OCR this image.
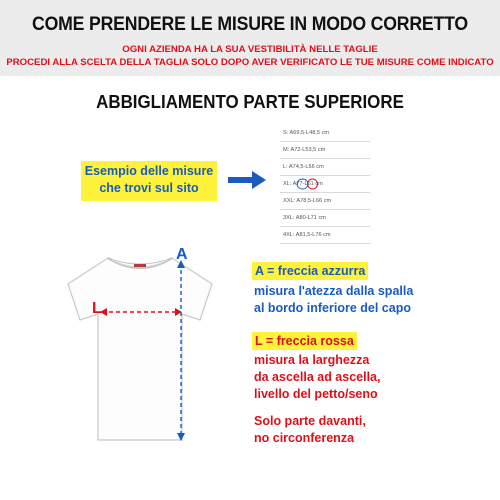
COME PRENDERE LE MISURE IN MODO CORRETTO
OGNI AZIENDA HA LA SUA VESTIBILITÀ NELLE TAGLIE
PROCEDI ALLA SCELTA DELLA TAGLIA SOLO DOPO AVER VERIFICATO LE TUE MISURE COME INDICATO
ABBIGLIAMENTO PARTE SUPERIORE
Esempio delle misure
che trovi sul sito
S: A69,5-L48,5 cm
M: A72-L53,5 cm
L: A74,5-L56 cm
XL: A77-L61 cm
XXL: A78,5-L66 cm
3XL: A80-L71 cm
4XL: A81,5-L76 cm
A
L
A = freccia azzurra
misura l'atezza dalla spalla
al bordo inferiore del capo
L = freccia rossa
misura la larghezza
da ascella ad ascella,
livello del petto/seno
Solo parte davanti,
no circonferenza
